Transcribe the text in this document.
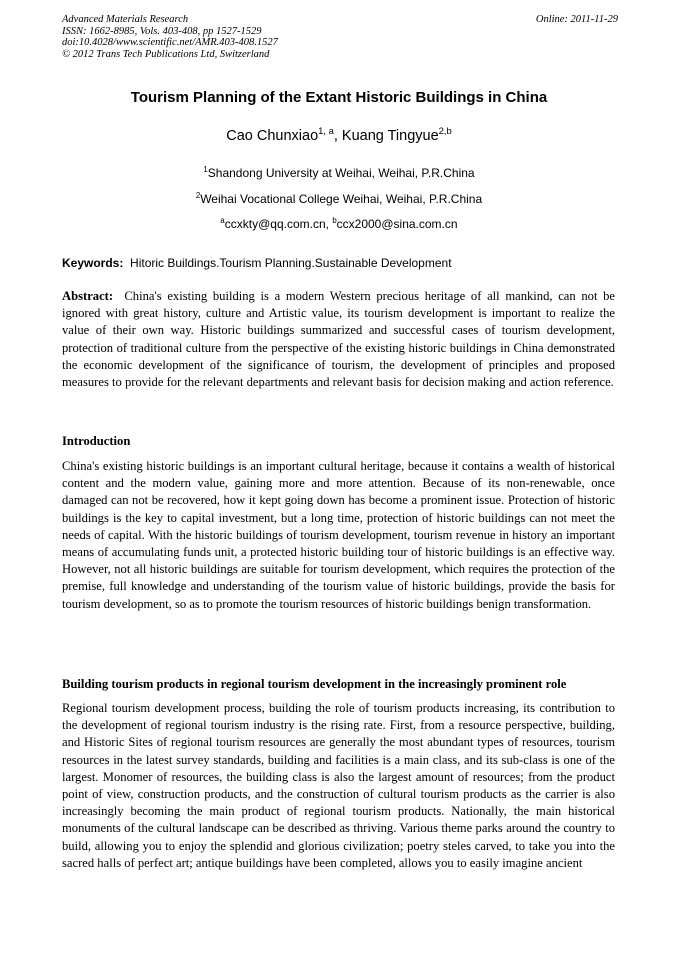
Advanced Materials Research
ISSN: 1662-8985, Vols. 403-408, pp 1527-1529
doi:10.4028/www.scientific.net/AMR.403-408.1527
© 2012 Trans Tech Publications Ltd, Switzerland
Online: 2011-11-29
Tourism Planning of the Extant Historic Buildings in China
Cao Chunxiao$^{1, a}$, Kuang Tingyue$^{2,b}$
$^1$Shandong University at Weihai, Weihai, P.R.China
$^2$Weihai Vocational College Weihai, Weihai, P.R.China
$^a$ccxkty@qq.com.cn, $^b$ccx2000@sina.com.cn
Keywords: Hitoric Buildings.Tourism Planning.Sustainable Development
Abstract: China's existing building is a modern Western precious heritage of all mankind, can not be ignored with great history, culture and Artistic value, its tourism development is important to realize the value of their own way. Historic buildings summarized and successful cases of tourism development, protection of traditional culture from the perspective of the existing historic buildings in China demonstrated the economic development of the significance of tourism, the development of principles and proposed measures to provide for the relevant departments and relevant basis for decision making and action reference.
Introduction
China's existing historic buildings is an important cultural heritage, because it contains a wealth of historical content and the modern value, gaining more and more attention. Because of its non-renewable, once damaged can not be recovered, how it kept going down has become a prominent issue. Protection of historic buildings is the key to capital investment, but a long time, protection of historic buildings can not meet the needs of capital. With the historic buildings of tourism development, tourism revenue in history an important means of accumulating funds unit, a protected historic building tour of historic buildings is an effective way. However, not all historic buildings are suitable for tourism development, which requires the protection of the premise, full knowledge and understanding of the tourism value of historic buildings, provide the basis for tourism development, so as to promote the tourism resources of historic buildings benign transformation.
Building tourism products in regional tourism development in the increasingly prominent role
Regional tourism development process, building the role of tourism products increasing, its contribution to the development of regional tourism industry is the rising rate. First, from a resource perspective, building, and Historic Sites of regional tourism resources are generally the most abundant types of resources, tourism resources in the latest survey standards, building and facilities is a main class, and its sub-class is one of the largest. Monomer of resources, the building class is also the largest amount of resources; from the product point of view, construction products, and the construction of cultural tourism products as the carrier is also increasingly becoming the main product of regional tourism products. Nationally, the main historical monuments of the cultural landscape can be described as thriving. Various theme parks around the country to build, allowing you to enjoy the splendid and glorious civilization; poetry steles carved, to take you into the sacred halls of perfect art; antique buildings have been completed, allows you to easily imagine ancient
